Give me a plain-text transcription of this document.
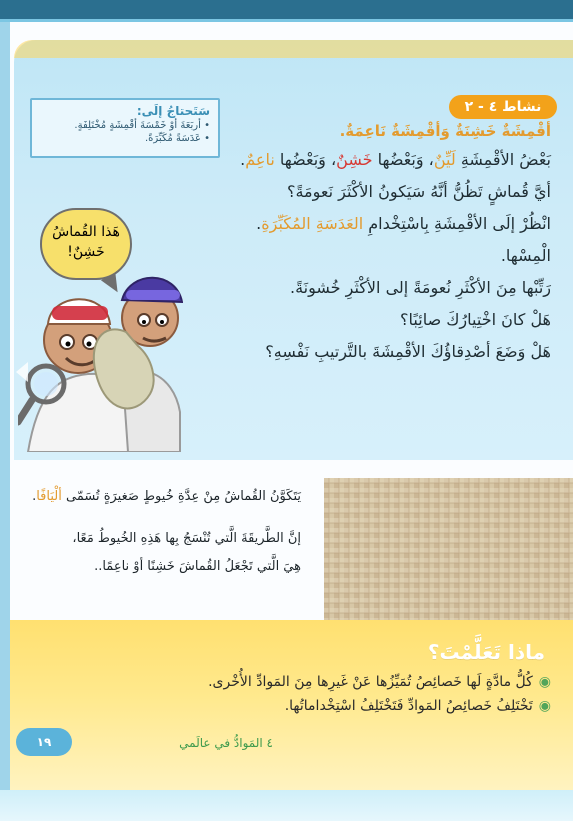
نشاط ٤ - ٢
سَتَحتاجُ إلَى:
• أربَعَةَ أوْ خَمْسَةَ أقْمِشَةٍ مُخْتَلِفَةٍ.
• عَدَسَةً مُكَبِّرَةً.	أقْمِشَةٌ خَشِنَةٌ وَأقْمِشَةٌ نَاعِمَةٌ.
بَعْضُ الأقْمِشَةِ لَيِّنٌ، وَبَعْضُها خَشِنٌ، وَبَعْضُها ناعِمٌ.
أيَّ قُماشٍ تَظُنُّ أنَّهُ سَيَكونُ الأكْثَرَ نَعومَةً؟
انْظُرْ إلَى الأقْمِشَةِ بِاسْتِخْدامِ العَدَسَةِ المُكَبِّرَةِ.
الْمِسْها.
رَتِّبْها مِنَ الأكْثَرِ نُعومَةً إلى الأكْثَرِ خُشونَةً.
هَلْ كانَ اخْتِيارُكَ صائِبًا؟
هَلْ وَضَعَ أصْدِقاؤُكَ الأقْمِشَةَ بالتَّرتيبِ نَفْسِهِ؟
هَذا القُماشُ خَشِنٌ!
يَتَكَوَّنُ القُماشُ مِنْ عِدَّةِ خُيوطٍ صَغيرَةٍ تُسَمّى ألْيَافًا.
إنَّ الطَّريقَةَ الَّتي تُنْسَجُ بِها هَذِهِ الخُيوطُ مَعًا،
هِيَ الَّتي تَجْعَلُ القُماشَ خَشِنًا أوْ ناعِمًا..
ماذا تَعَلَّمْتَ؟
◉كُلُّ مادَّةٍ لَها خَصائِصُ تُمَيِّزُها عَنْ غَيرِها مِنَ المَوادِّ الأُخْرى.
◉تَخْتَلِفُ خَصائِصُ المَوادِّ فَتَخْتَلِفُ اسْتِخْداماتُها.
١٩	٤ المَوادُّ في عالَمي
